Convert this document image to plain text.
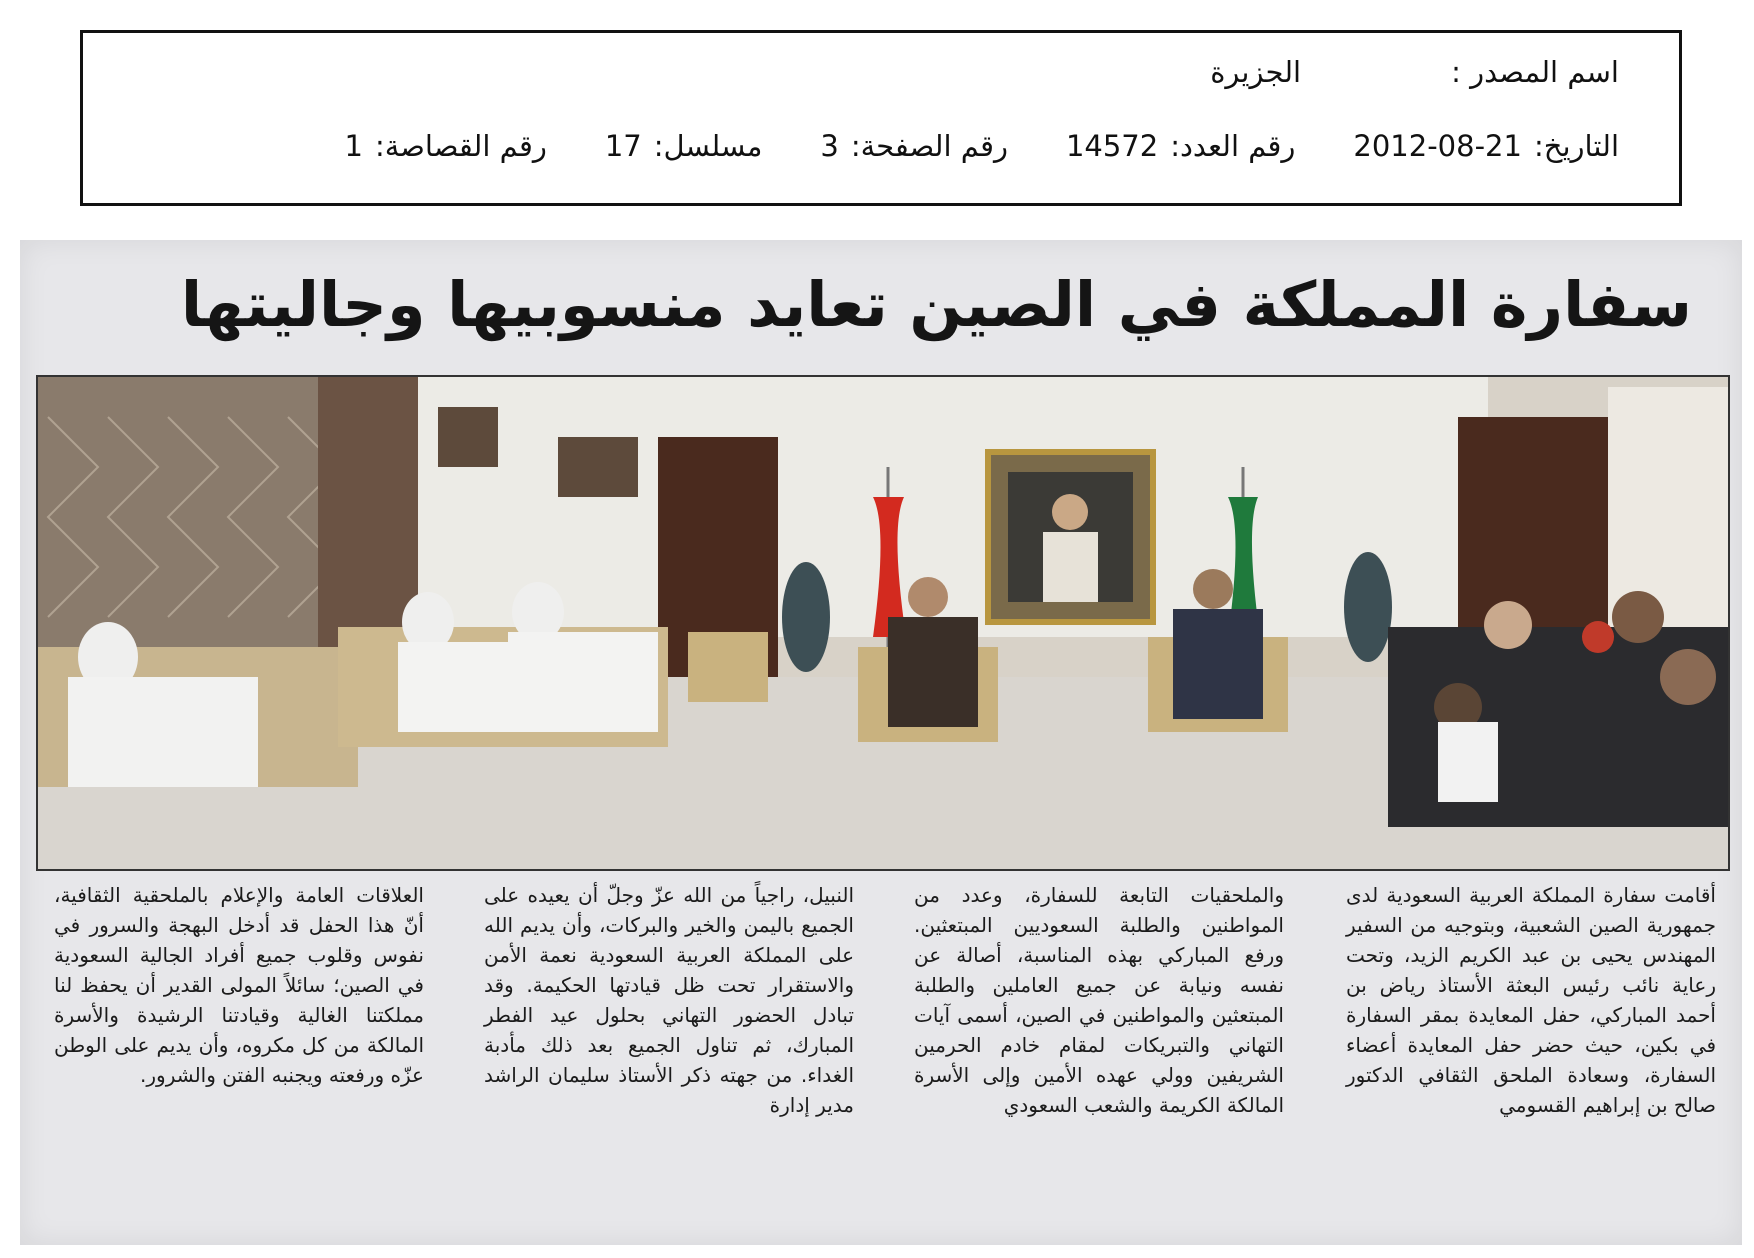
اسم المصدر :
الجزيرة
التاريخ:
2012-08-21
رقم العدد:
14572
رقم الصفحة:
3
مسلسل:
17
رقم القصاصة:
1
سفارة المملكة في الصين تعايد منسوبيها وجاليتها

أقامت سفارة المملكة العربية السعودية لدى جمهورية الصين الشعبية، وبتوجيه من السفير المهندس يحيى بن عبد الكريم الزيد، وتحت رعاية نائب رئيس البعثة الأستاذ رياض بن أحمد المباركي، حفل المعايدة بمقر السفارة في بكين، حيث حضر حفل المعايدة أعضاء السفارة، وسعادة الملحق الثقافي الدكتور صالح بن إبراهيم القسومي

والملحقيات التابعة للسفارة، وعدد من المواطنين والطلبة السعوديين المبتعثين. ورفع المباركي بهذه المناسبة، أصالة عن نفسه ونيابة عن جميع العاملين والطلبة المبتعثين والمواطنين في الصين، أسمى آيات التهاني والتبريكات لمقام خادم الحرمين الشريفين وولي عهده الأمين وإلى الأسرة المالكة الكريمة والشعب السعودي

النبيل، راجياً من الله عزّ وجلّ أن يعيده على الجميع باليمن والخير والبركات، وأن يديم الله على المملكة العربية السعودية نعمة الأمن والاستقرار تحت ظل قيادتها الحكيمة. وقد تبادل الحضور التهاني بحلول عيد الفطر المبارك، ثم تناول الجميع بعد ذلك مأدبة الغداء. من جهته ذكر الأستاذ سليمان الراشد مدير إدارة

العلاقات العامة والإعلام بالملحقية الثقافية، أنّ هذا الحفل قد أدخل البهجة والسرور في نفوس وقلوب جميع أفراد الجالية السعودية في الصين؛ سائلاً المولى القدير أن يحفظ لنا مملكتنا الغالية وقيادتنا الرشيدة والأسرة المالكة من كل مكروه، وأن يديم على الوطن عزّه ورفعته ويجنبه الفتن والشرور.
